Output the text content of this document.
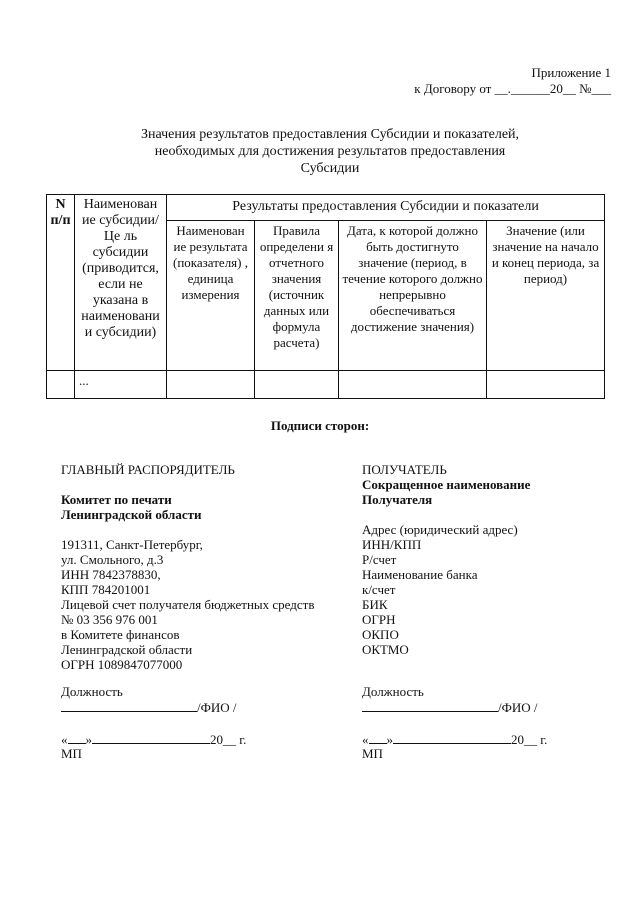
Приложение 1
к Договору от __.______20__ №___
Значения результатов предоставления Субсидии и показателей,
необходимых для достижения результатов предоставления
Субсидии
N п/п	Наименован ие субсидии/Це ль субсидии (приводится, если не указана в наименовани и субсидии)	Результаты предоставления Субсидии и показатели			
		Наименован ие результата (показателя) , единица измерения	Правила определени я отчетного значения (источник данных или формула расчета)	Дата, к которой должно быть достигнуто значение (период, в течение которого должно непрерывно обеспечиваться достижение значения)	Значение (или значение на начало и конец периода, за период)
	...				
Подписи сторон:
ГЛАВНЫЙ РАСПОРЯДИТЕЛЬ
Комитет по печати
Ленинградской области
191311, Санкт-Петербург,
ул. Смольного, д.3
ИНН 7842378830,
КПП 784201001
Лицевой счет получателя бюджетных средств
№ 03 356 976 001
в Комитете финансов
Ленинградской области
ОГРН 1089847077000
Должность
/ФИО /
« »	20__ г.
МП
ПОЛУЧАТЕЛЬ
Сокращенное наименование
Получателя
Адрес (юридический адрес)
ИНН/КПП
Р/счет
Наименование банка
к/счет
БИК
ОГРН
ОКПО
ОКТМО
Должность
/ФИО /
« »	20__ г.
МП
